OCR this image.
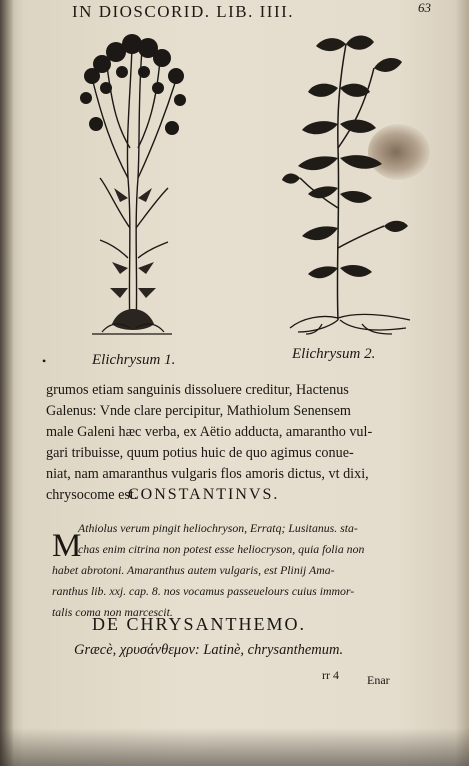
IN DIOSCORID. LIB. IIII.	63
•	Elichrysum 1.	Elichrysum 2.
grumos etiam sanguinis dissoluere creditur, Hactenus
Galenus: Vnde clare percipitur, Mathiolum Senensem
male Galeni hæc verba, ex Aëtio adducta, amarantho vul-
gari tribuisse, quum potius huic de quo agimus conue-
niat, nam amaranthus vulgaris flos amoris dictus, vt dixi,
chrysocome est.
CONSTANTINVS.
M
Athiolus verum pingit heliochryson, Erratq; Lusitanus. sta-
chas enim citrina non potest esse heliocryson, quia folia non
habet abrotoni. Amaranthus autem vulgaris, est Plinij Ama-
ranthus lib. xxj. cap. 8. nos vocamus passeuelours cuius immor-
talis coma non marcescit.
DE CHRYSANTHEMO.
Græcè, χρυσάνθεμον: Latinè, chrysanthemum.
rr 4 Enar
